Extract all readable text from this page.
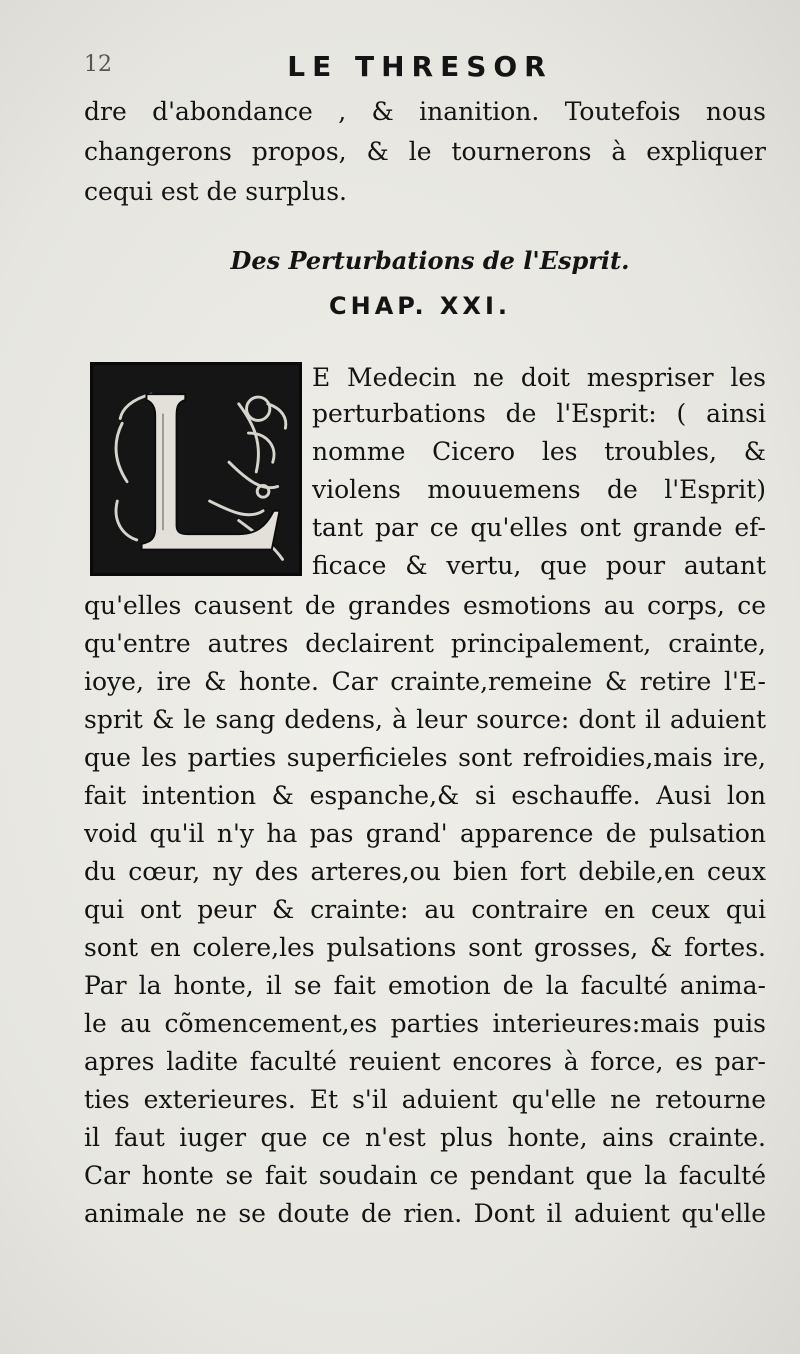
12	LE THRESOR
dre d'abondance , & inanition. Toutefois nous
changerons propos, & le tournerons à expliquer
cequi est de surplus.
Des Perturbations de l'Esprit.
CHAP. XXI.
E Medecin ne doit mespriser les
perturbations de l'Esprit: ( ainsi
nomme Cicero les troubles, &
violens mouuemens de l'Esprit)
tant par ce qu'elles ont grande ef-
ficace & vertu, que pour autant
qu'elles causent de grandes esmotions au corps, ce
qu'entre autres declairent principalement, crainte,
ioye, ire & honte. Car crainte,remeine & retire l'E-
sprit & le sang dedens, à leur source: dont il aduient
que les parties superficieles sont refroidies,mais ire,
fait intention & espanche,& si eschauffe. Ausi lon
void qu'il n'y ha pas grand' apparence de pulsation
du cœur, ny des arteres,ou bien fort debile,en ceux
qui ont peur & crainte: au contraire en ceux qui
sont en colere,les pulsations sont grosses, & fortes.
Par la honte, il se fait emotion de la faculté anima-
le au cõmencement,es parties interieures:mais puis
apres ladite faculté reuient encores à force, es par-
ties exterieures. Et s'il aduient qu'elle ne retourne
il faut iuger que ce n'est plus honte, ains crainte.
Car honte se fait soudain ce pendant que la faculté
animale ne se doute de rien. Dont il aduient qu'elle
